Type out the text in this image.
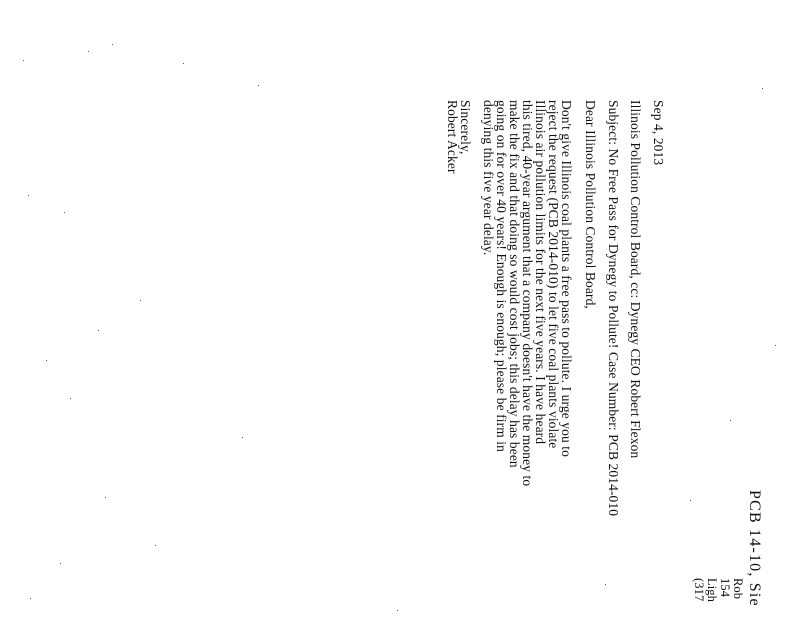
PCB 14-10, Sie
Rob
154
Ligh
(317
Sep 4, 2013
Illinois Pollution Control Board, cc: Dynegy CEO Robert Flexon
Subject: No Free Pass for Dynegy to Pollute! Case Number: PCB 2014-010
Dear Illinois Pollution Control Board,
Don't give Illinois coal plants a free pass to pollute. I urge you to
reject the request (PCB 2014-010) to let five coal plants violate
Illinois air pollution limits for the next five years. I have heard
this tired, 40-year argument that a company doesn't have the money to
make the fix and that doing so would cost jobs; this delay has been
going on for over 40 years! Enough is enough; please be firm in
denying this five year delay.
Sincerely,
Robert Acker
